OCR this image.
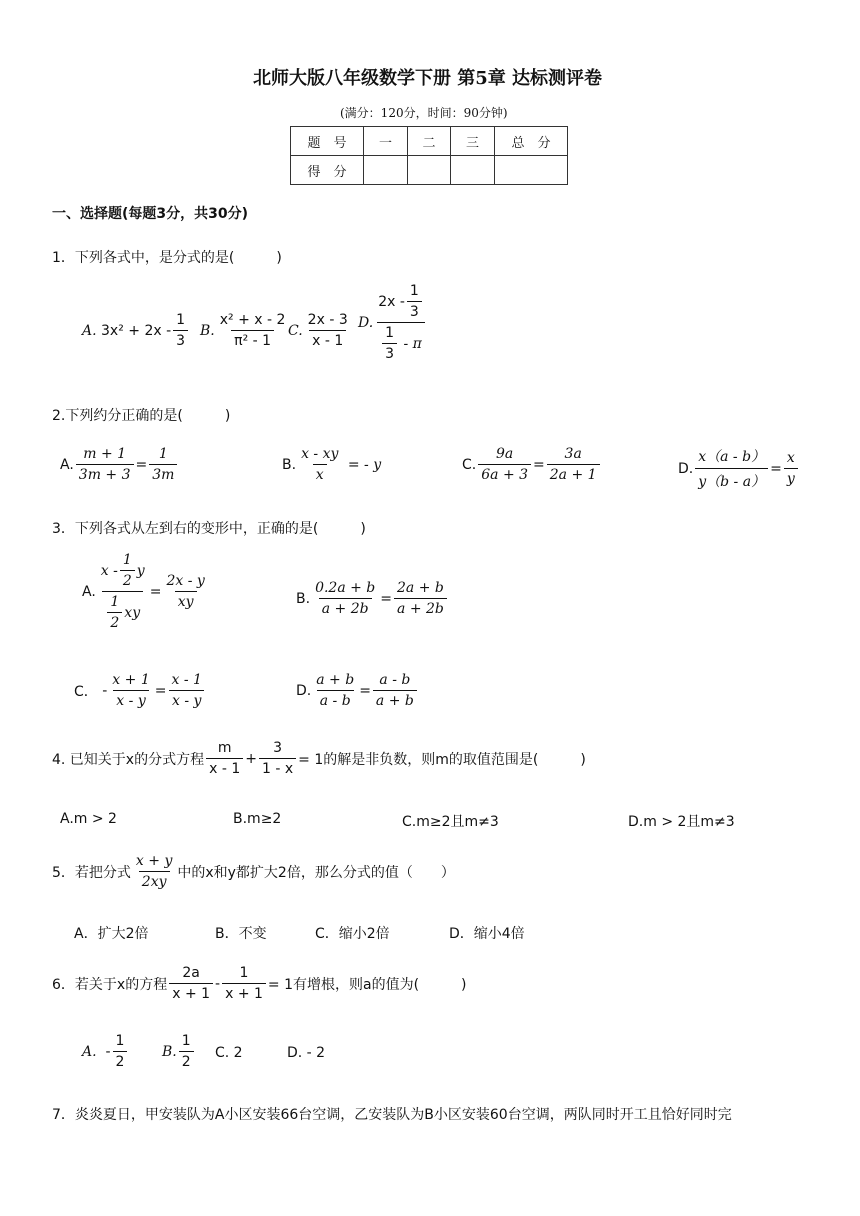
北师大版八年级数学下册 第5章 达标测评卷
(满分：120分，时间：90分钟)
题　号	一	二	三	总　分
得　分				
一、选择题(每题3分，共30分)
1．下列各式中，是分式的是(　　　)
A.
$3x^2 + 2x - \frac{1}{3} B$. $\frac{\text{x² + x - 2}}{\text{π² - 1}} C$. $\frac{2x - 3}{x - 1} D$. $2x - \frac{1}{3}$
$\frac{1}{3}$
- π
2.下列约分正确的是(　　　)
A. $\frac{m + 1}{3m + 3} = \frac{1}{3m}$	B. $\frac{x - xy}{x}$
= - y	C. $\frac{9a}{6a + 3} = \frac{3a}{2a + 1}$	D. $\frac{x(a - b)}{y(b - a)} = \frac{x}{y}$
3．下列各式从左到右的变形中，正确的是(　　　)
A. $\frac{x - \frac{1}{2} y}{\frac{1}{2} xy} = \frac{2x - y}{xy}$	B. $\frac{0.2a + b}{a + 2b} = \frac{2a + b}{a + 2b}$
C．
- $\frac{x + 1}{x - y} = \frac{x - 1}{x - y}$	D. $\frac{a + b}{a - b} = \frac{a - b}{a + b}$
4. 已知关于x的分式方程 $\frac{m}{x - 1} + \frac{3}{1 - x} = 1$的解是非负数，则m的取值范围是(　　　)
A.m > 2	B.m≥2	C.m≥2且m≠3	D.m > 2且m≠3
5．若把分式 $\frac{x + y}{2xy}$ 中的x和y都扩大2倍，那么分式的值（　　）
A．扩大2倍	B．不变	C．缩小2倍	D．缩小4倍
6．若关于x的方程 $\frac{2a}{x + 1} - \frac{1}{x + 1} = 1$有增根，则a的值为(　　　)
A.
- $\frac{1}{2} B$. $\frac{1}{2} C$. 2	D. - 2
7．炎炎夏日，甲安装队为A小区安装66台空调，乙安装队为B小区安装60台空调，两队同时开工且恰好同时完
